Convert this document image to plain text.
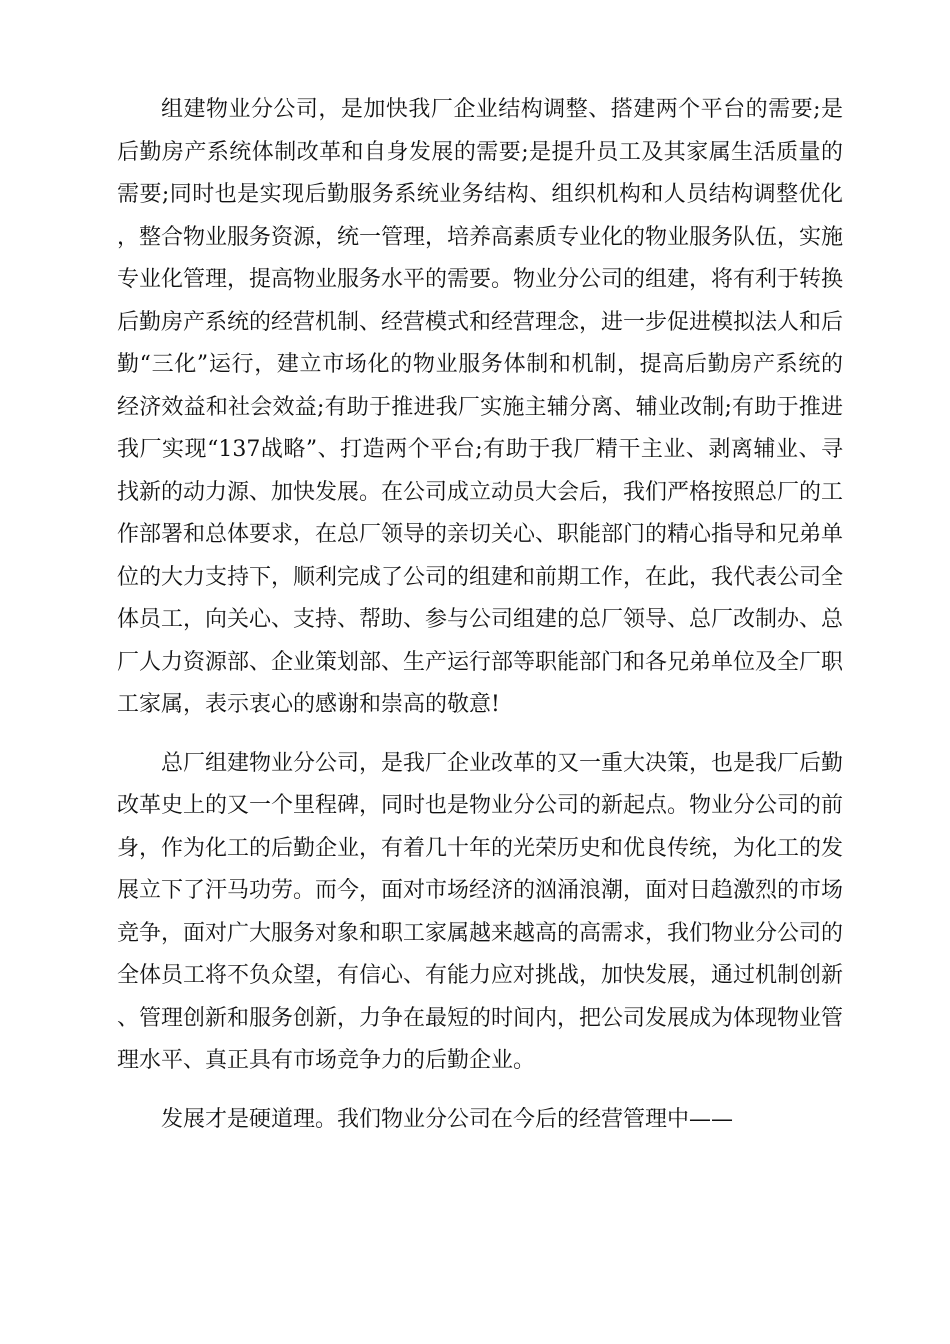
组建物业分公司，是加快我厂企业结构调整、搭建两个平台的需要;是后勤房产系统体制改革和自身发展的需要;是提升员工及其家属生活质量的需要;同时也是实现后勤服务系统业务结构、组织机构和人员结构调整优化，整合物业服务资源，统一管理，培养高素质专业化的物业服务队伍，实施专业化管理，提高物业服务水平的需要。物业分公司的组建，将有利于转换后勤房产系统的经营机制、经营模式和经营理念，进一步促进模拟法人和后勤“三化”运行，建立市场化的物业服务体制和机制，提高后勤房产系统的经济效益和社会效益;有助于推进我厂实施主辅分离、辅业改制;有助于推进我厂实现“137战略”、打造两个平台;有助于我厂精干主业、剥离辅业、寻找新的动力源、加快发展。在公司成立动员大会后，我们严格按照总厂的工作部署和总体要求，在总厂领导的亲切关心、职能部门的精心指导和兄弟单位的大力支持下，顺利完成了公司的组建和前期工作，在此，我代表公司全体员工，向关心、支持、帮助、参与公司组建的总厂领导、总厂改制办、总厂人力资源部、企业策划部、生产运行部等职能部门和各兄弟单位及全厂职工家属，表示衷心的感谢和崇高的敬意!

总厂组建物业分公司，是我厂企业改革的又一重大决策，也是我厂后勤改革史上的又一个里程碑，同时也是物业分公司的新起点。物业分公司的前身，作为化工的后勤企业，有着几十年的光荣历史和优良传统，为化工的发展立下了汗马功劳。而今，面对市场经济的汹涌浪潮，面对日趋激烈的市场竞争，面对广大服务对象和职工家属越来越高的高需求，我们物业分公司的全体员工将不负众望，有信心、有能力应对挑战，加快发展，通过机制创新、管理创新和服务创新，力争在最短的时间内，把公司发展成为体现物业管理水平、真正具有市场竞争力的后勤企业。

发展才是硬道理。我们物业分公司在今后的经营管理中——
